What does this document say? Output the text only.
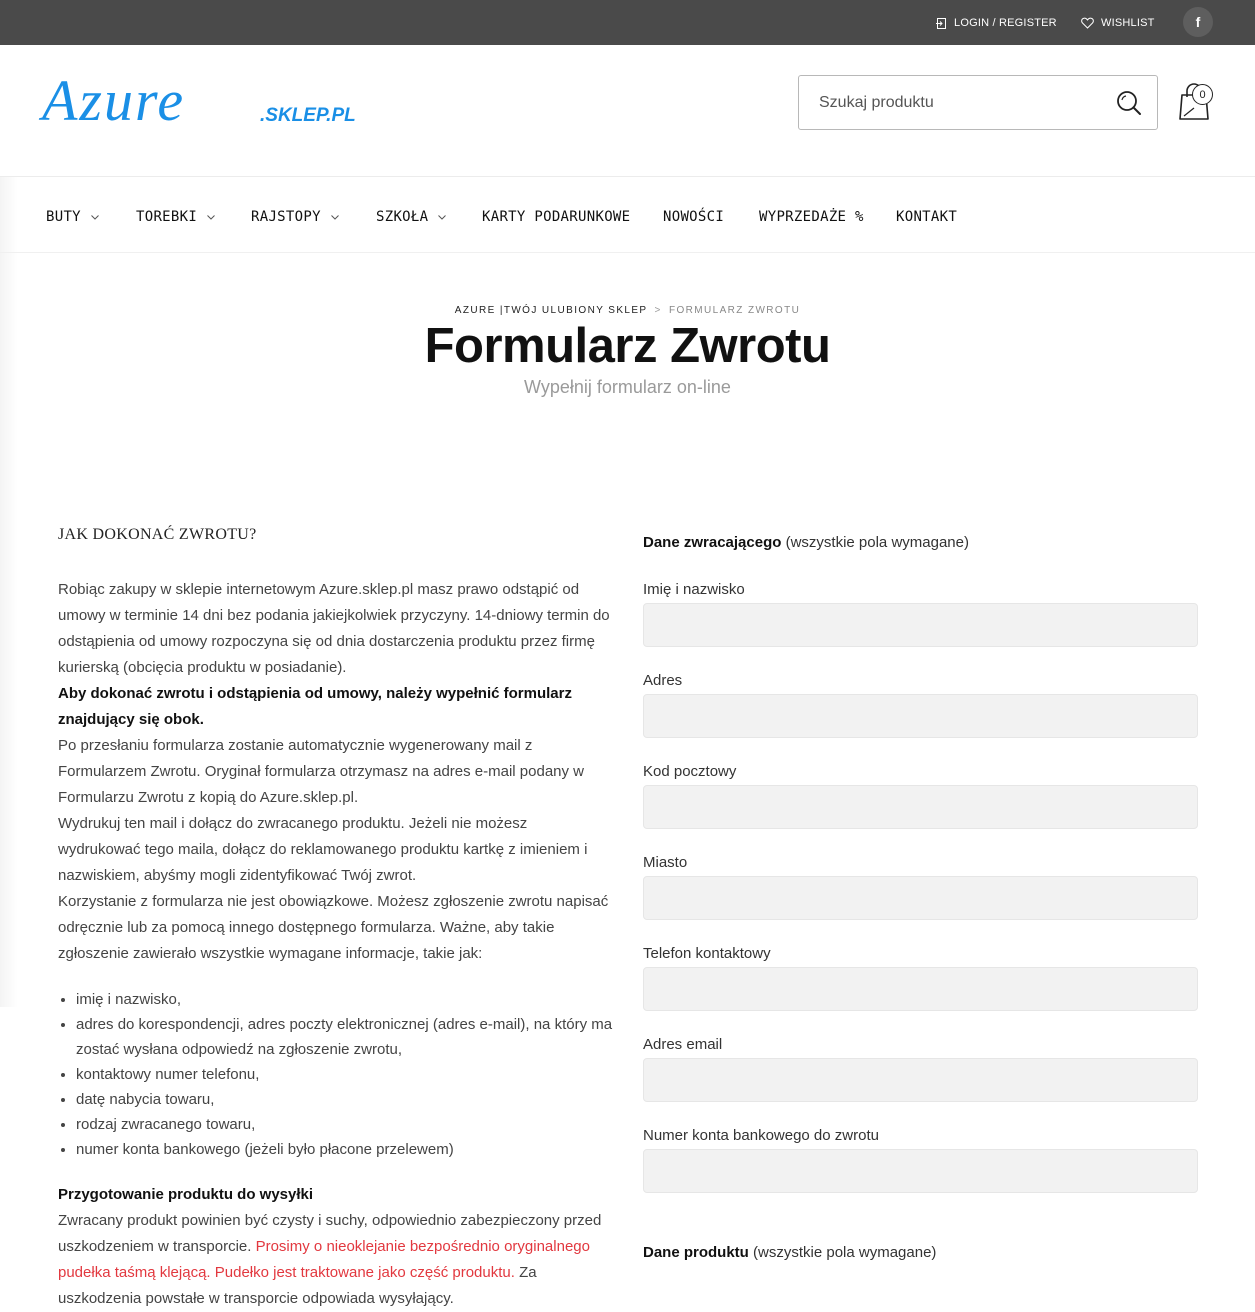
LOGIN / REGISTER	WISHLIST	f
Azure	.SKLEP.PL
Szukaj produktu
0
BUTY	TOREBKI	RAJSTOPY	SZKOŁA	KARTY PODARUNKOWE NOWOŚCI WYPRZEDAŻE % KONTAKT
AZURE |TWÓJ ULUBIONY SKLEP > FORMULARZ ZWROTU
Formularz Zwrotu
Wypełnij formularz on-line
JAK DOKONAĆ ZWROTU?

Robiąc zakupy w sklepie internetowym Azure.sklep.pl masz prawo odstąpić od umowy w terminie 14 dni bez podania jakiejkolwiek przyczyny. 14-dniowy termin do odstąpienia od umowy rozpoczyna się od dnia dostarczenia produktu przez firmę kurierską (obcięcia produktu w posiadanie).

Aby dokonać zwrotu i odstąpienia od umowy, należy wypełnić formularz znajdujący się obok.

Po przesłaniu formularza zostanie automatycznie wygenerowany mail z Formularzem Zwrotu. Oryginał formularza otrzymasz na adres e-mail podany w Formularzu Zwrotu z kopią do Azure.sklep.pl.

Wydrukuj ten mail i dołącz do zwracanego produktu. Jeżeli nie możesz wydrukować tego maila, dołącz do reklamowanego produktu kartkę z imieniem i nazwiskiem, abyśmy mogli zidentyfikować Twój zwrot.

Korzystanie z formularza nie jest obowiązkowe. Możesz zgłoszenie zwrotu napisać odręcznie lub za pomocą innego dostępnego formularza. Ważne, aby takie zgłoszenie zawierało wszystkie wymagane informacje, takie jak:

• imię i nazwisko,
• adres do korespondencji, adres poczty elektronicznej (adres e-mail), na który ma zostać wysłana odpowiedź na zgłoszenie zwrotu,
• kontaktowy numer telefonu,
• datę nabycia towaru,
• rodzaj zwracanego towaru,
• numer konta bankowego (jeżeli było płacone przelewem)
Przygotowanie produktu do wysyłki

Zwracany produkt powinien być czysty i suchy, odpowiednio zabezpieczony przed uszkodzeniem w transporcie. Prosimy o nieoklejanie bezpośrednio oryginalnego pudełka taśmą klejącą. Pudełko jest traktowane jako część produktu. Za uszkodzenia powstałe w transporcie odpowiada wysyłający.

Dane zwracającego (wszystkie pola wymagane)
Imię i nazwisko
Adres
Kod pocztowy
Miasto
Telefon kontaktowy
Adres email
Numer konta bankowego do zwrotu
Dane produktu (wszystkie pola wymagane)
